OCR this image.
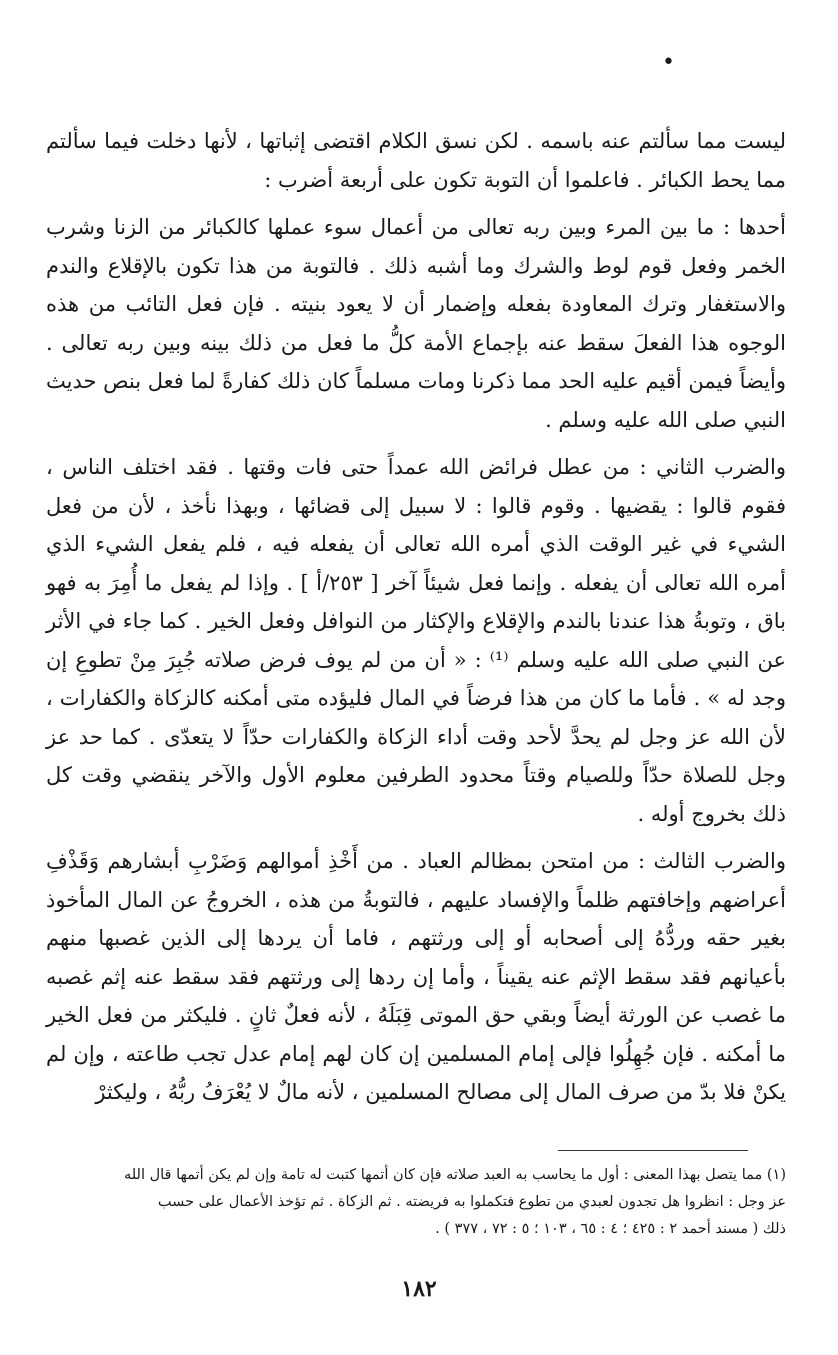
•

ليست مما سألتم عنه باسمه . لكن نسق الكلام اقتضى إثباتها ، لأنها دخلت فيما سألتم مما يحط الكبائر . فاعلموا أن التوبة تكون على أربعة أضرب :

أحدها : ما بين المرء وبين ربه تعالى من أعمال سوء عملها كالكبائر من الزنا وشرب الخمر وفعل قوم لوط والشرك وما أشبه ذلك . فالتوبة من هذا تكون بالإقلاع والندم والاستغفار وترك المعاودة بفعله وإضمار أن لا يعود بنيته . فإن فعل التائب من هذه الوجوه هذا الفعلَ سقط عنه بإجماع الأمة كلُّ ما فعل من ذلك بينه وبين ربه تعالى . وأيضاً فيمن أقيم عليه الحد مما ذكرنا ومات مسلماً كان ذلك كفارةً لما فعل بنص حديث النبي صلى الله عليه وسلم .

والضرب الثاني : من عطل فرائض الله عمداً حتى فات وقتها . فقد اختلف الناس ، فقوم قالوا : يقضيها . وقوم قالوا : لا سبيل إلى قضائها ، وبهذا نأخذ ، لأن من فعل الشيء في غير الوقت الذي أمره الله تعالى أن يفعله فيه ، فلم يفعل الشيء الذي أمره الله تعالى أن يفعله . وإنما فعل شيئاً آخر [ ٢٥٣/أ ] . وإذا لم يفعل ما أُمِرَ به فهو باق ، وتوبةُ هذا عندنا بالندم والإقلاع والإكثار من النوافل وفعل الخير . كما جاء في الأثر عن النبي صلى الله عليه وسلم ⁽¹⁾ : « أن من لم يوف فرض صلاته جُبِرَ مِنْ تطوعِ إن وجد له » . فأما ما كان من هذا فرضاً في المال فليؤده متى أمكنه كالزكاة والكفارات ، لأن الله عز وجل لم يحدَّ لأحد وقت أداء الزكاة والكفارات حدّاً لا يتعدّى . كما حد عز وجل للصلاة حدّاً وللصيام وقتاً محدود الطرفين معلوم الأول والآخر ينقضي وقت كل ذلك بخروج أوله .

والضرب الثالث : من امتحن بمظالم العباد . من أَخْذِ أموالهم وَضَرْبِ أبشارهم وَقَذْفِ أعراضهم وإخافتهم ظلماً والإفساد عليهم ، فالتوبةُ من هذه ، الخروجُ عن المال المأخوذ بغير حقه وردُّهُ إلى أصحابه أو إلى ورثتهم ، فاما أن يردها إلى الذين غصبها منهم بأعيانهم فقد سقط الإثم عنه يقيناً ، وأما إن ردها إلى ورثتهم فقد سقط عنه إثم غصبه ما غصب عن الورثة أيضاً وبقي حق الموتى قِبَلَهُ ، لأنه فعلٌ ثانٍ . فليكثر من فعل الخير ما أمكنه . فإن جُهِلُوا فإلى إمام المسلمين إن كان لهم إمام عدل تجب طاعته ، وإن لم يكنْ فلا بدّ من صرف المال إلى مصالح المسلمين ، لأنه مالٌ لا يُعْرَفُ ربُّهُ ، وليكثرْ

(١) مما يتصل بهذا المعنى : أول ما يحاسب به العبد صلاته فإن كان أتمها كتبت له تامة وإن لم يكن أتمها قال الله

عز وجل : انظروا هل تجدون لعبدي من تطوع فتكملوا به فريضته . ثم الزكاة . ثم تؤخذ الأعمال على حسب

ذلك ( مسند أحمد ٢ : ٤٢٥ ؛ ٤ : ٦٥ ، ١٠٣ ؛ ٥ : ٧٢ ، ٣٧٧ ) .

١٨٢
